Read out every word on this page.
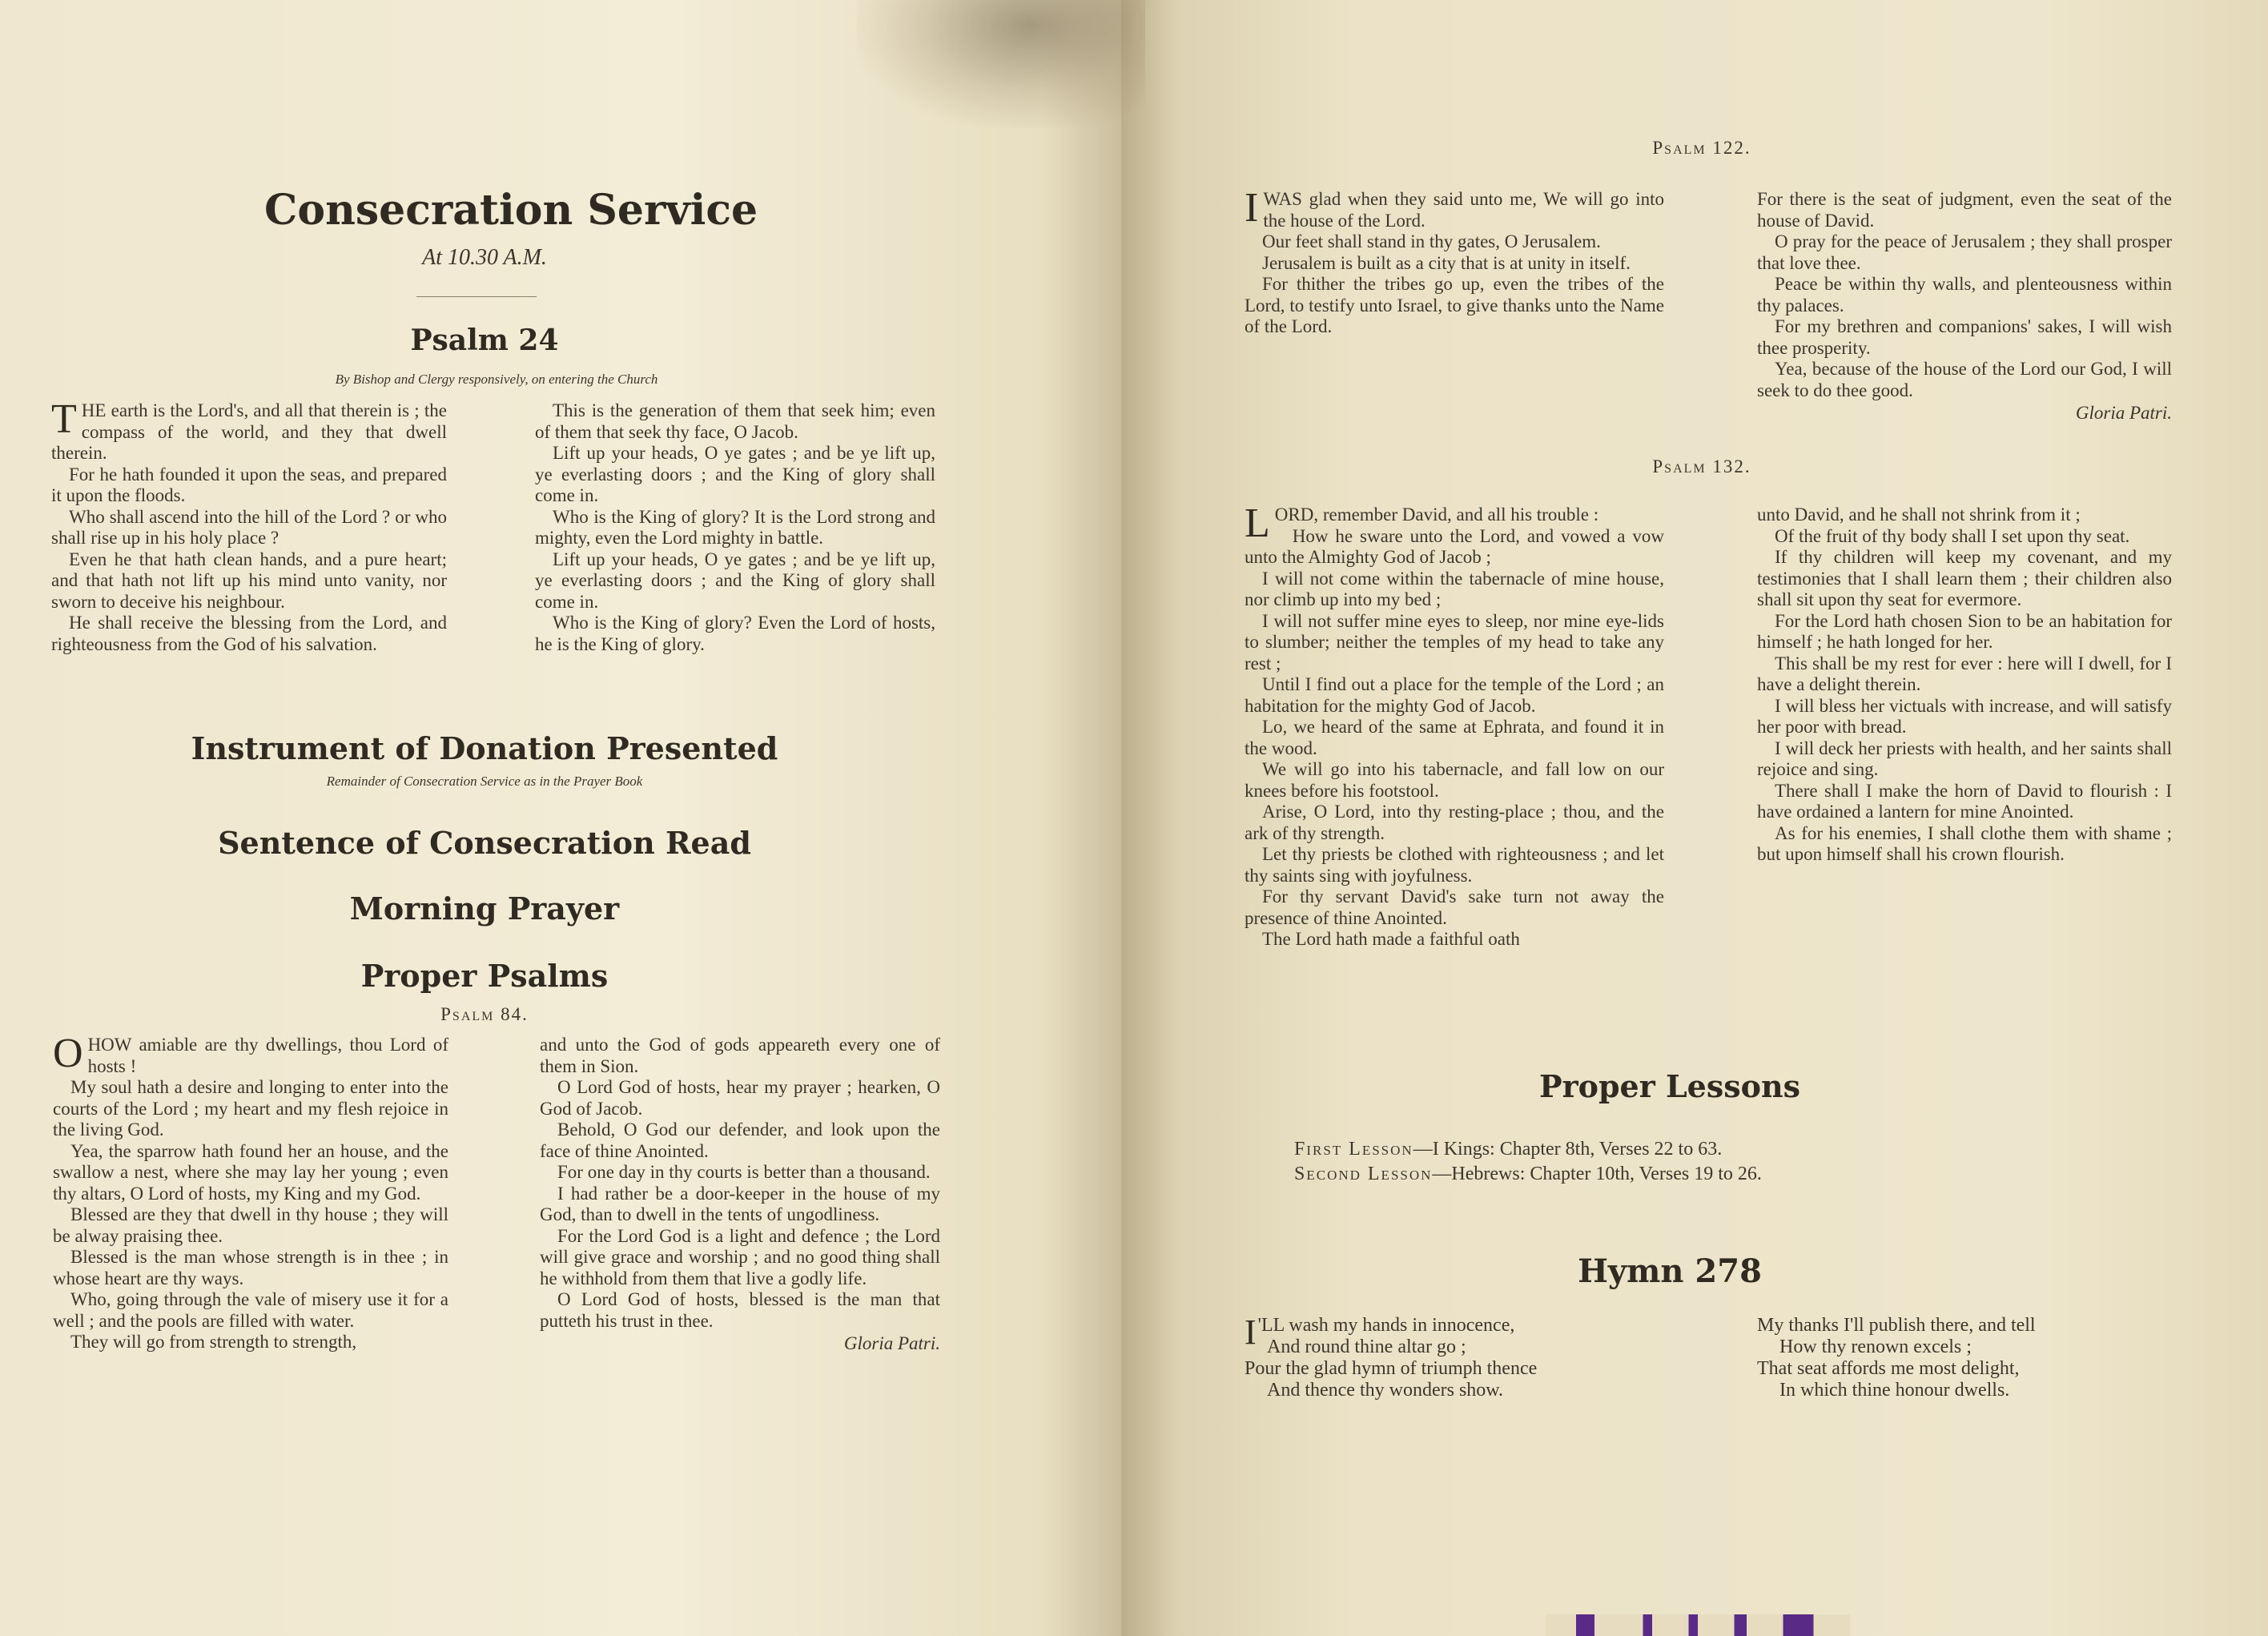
Consecration Service
At 10.30 A.M.
Psalm 24
By Bishop and Clergy responsively, on entering the Church
T HE earth is the Lord's, and all that therein is ; the compass of the world, and they that dwell therein.

For he hath founded it upon the seas, and prepared it upon the floods.

Who shall ascend into the hill of the Lord ? or who shall rise up in his holy place ?

Even he that hath clean hands, and a pure heart; and that hath not lift up his mind unto vanity, nor sworn to deceive his neighbour.

He shall receive the blessing from the Lord, and righteousness from the God of his salvation.

This is the generation of them that seek him; even of them that seek thy face, O Jacob.

Lift up your heads, O ye gates ; and be ye lift up, ye everlasting doors ; and the King of glory shall come in.

Who is the King of glory? It is the Lord strong and mighty, even the Lord mighty in battle.

Lift up your heads, O ye gates ; and be ye lift up, ye everlasting doors ; and the King of glory shall come in.

Who is the King of glory? Even the Lord of hosts, he is the King of glory.

Instrument of Donation Presented
Remainder of Consecration Service as in the Prayer Book
Sentence of Consecration Read
Morning Prayer
Proper Psalms
Psalm 84.
O HOW amiable are thy dwellings, thou Lord of hosts !

My soul hath a desire and longing to enter into the courts of the Lord ; my heart and my flesh rejoice in the living God.

Yea, the sparrow hath found her an house, and the swallow a nest, where she may lay her young ; even thy altars, O Lord of hosts, my King and my God.

Blessed are they that dwell in thy house ; they will be alway praising thee.

Blessed is the man whose strength is in thee ; in whose heart are thy ways.

Who, going through the vale of misery use it for a well ; and the pools are filled with water.

They will go from strength to strength,

and unto the God of gods appeareth every one of them in Sion.

O Lord God of hosts, hear my prayer ; hearken, O God of Jacob.

Behold, O God our defender, and look upon the face of thine Anointed.

For one day in thy courts is better than a thousand.

I had rather be a door-keeper in the house of my God, than to dwell in the tents of ungodliness.

For the Lord God is a light and defence ; the Lord will give grace and worship ; and no good thing shall he withhold from them that live a godly life.

O Lord God of hosts, blessed is the man that putteth his trust in thee.

Gloria Patri.
Psalm 122.
I WAS glad when they said unto me, We will go into the house of the Lord.

Our feet shall stand in thy gates, O Jerusalem.

Jerusalem is built as a city that is at unity in itself.

For thither the tribes go up, even the tribes of the Lord, to testify unto Israel, to give thanks unto the Name of the Lord.

For there is the seat of judgment, even the seat of the house of David.

O pray for the peace of Jerusalem ; they shall prosper that love thee.

Peace be within thy walls, and plenteousness within thy palaces.

For my brethren and companions' sakes, I will wish thee prosperity.

Yea, because of the house of the Lord our God, I will seek to do thee good.

Gloria Patri.
Psalm 132.
L ORD, remember David, and all his trouble :

How he sware unto the Lord, and vowed a vow unto the Almighty God of Jacob ;

I will not come within the tabernacle of mine house, nor climb up into my bed ;

I will not suffer mine eyes to sleep, nor mine eye-lids to slumber; neither the temples of my head to take any rest ;

Until I find out a place for the temple of the Lord ; an habitation for the mighty God of Jacob.

Lo, we heard of the same at Ephrata, and found it in the wood.

We will go into his tabernacle, and fall low on our knees before his footstool.

Arise, O Lord, into thy resting-place ; thou, and the ark of thy strength.

Let thy priests be clothed with righteousness ; and let thy saints sing with joyfulness.

For thy servant David's sake turn not away the presence of thine Anointed.

The Lord hath made a faithful oath

unto David, and he shall not shrink from it ;

Of the fruit of thy body shall I set upon thy seat.

If thy children will keep my covenant, and my testimonies that I shall learn them ; their children also shall sit upon thy seat for evermore.

For the Lord hath chosen Sion to be an habitation for himself ; he hath longed for her.

This shall be my rest for ever : here will I dwell, for I have a delight therein.

I will bless her victuals with increase, and will satisfy her poor with bread.

I will deck her priests with health, and her saints shall rejoice and sing.

There shall I make the horn of David to flourish : I have ordained a lantern for mine Anointed.

As for his enemies, I shall clothe them with shame ; but upon himself shall his crown flourish.

Proper Lessons
First Lesson—I Kings: Chapter 8th, Verses 22 to 63.
Second Lesson—Hebrews: Chapter 10th, Verses 19 to 26.
Hymn 278
I 'LL wash my hands in innocence,
And round thine altar go ;
Pour the glad hymn of triumph thence
And thence thy wonders show.
My thanks I'll publish there, and tell
How thy renown excels ;
That seat affords me most delight,
In which thine honour dwells.
